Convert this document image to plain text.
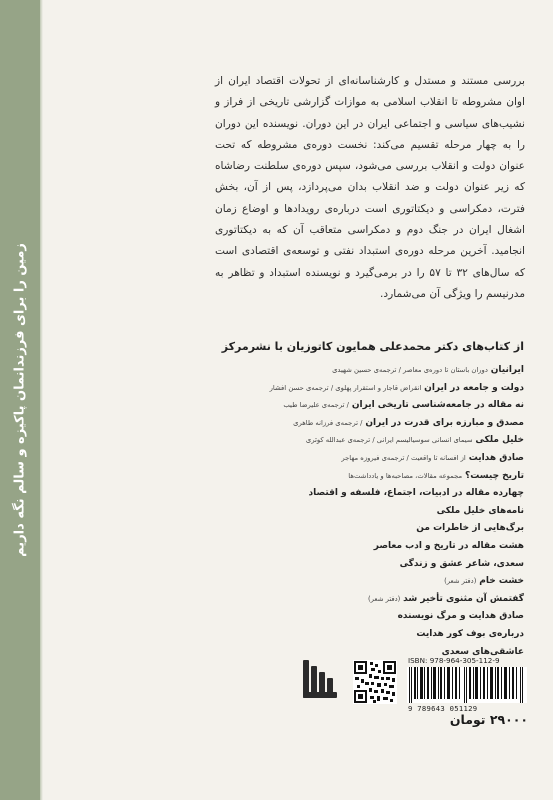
زمین را برای فرزندانمان پاکیزه و سالم نگه داریم
بررسی مستند و مستدل و کارشناسانه‌ای از تحولات اقتصاد ایران از اوان مشروطه تا انقلاب اسلامی به موازات گزارشی تاریخی از فراز و نشیب‌های سیاسی و اجتماعی ایران در این دوران. نویسنده این دوران را به چهار مرحله تقسیم می‌کند: نخست دوره‌ی مشروطه که تحت عنوان دولت و انقلاب بررسی می‌شود، سپس دوره‌ی سلطنت رضاشاه که زیر عنوان دولت و ضد انقلاب بدان می‌پردازد، پس از آن، بخش فترت، دمکراسی و دیکتاتوری است درباره‌ی رویدادها و اوضاع زمان اشغال ایران در جنگ دوم و دمکراسی متعاقب آن که به دیکتاتوری انجامید. آخرین مرحله دوره‌ی استبداد نفتی و توسعه‌ی اقتصادی است که سال‌های ۳۲ تا ۵۷ را در برمی‌گیرد و نویسنده استبداد و تظاهر به مدرنیسم را ویژگی آن می‌شمارد.
از کتاب‌های دکتر محمدعلی همایون کاتوزیان با نشرمرکز
ایرانیان دوران باستان تا دوره‌ی معاصر / ترجمه‌ی حسین شهیدی
دولت و جامعه در ایران انقراض قاجار و استقرار پهلوی / ترجمه‌ی حسن افشار
نه مقاله در جامعه‌شناسی تاریخی ایران / ترجمه‌ی علیرضا طیب
مصدق و مبارزه برای قدرت در ایران / ترجمه‌ی فرزانه طاهری
خلیل ملکی سیمای انسانی سوسیالیسم ایرانی / ترجمه‌ی عبدالله کوثری
صادق هدایت از افسانه تا واقعیت / ترجمه‌ی فیروزه مهاجر
تاریخ چیست؟ مجموعه مقالات، مصاحبه‌ها و یادداشت‌ها
چهارده مقاله در ادبیات، اجتماع، فلسفه و اقتصاد
نامه‌های خلیل ملکی
برگ‌هایی از خاطرات من
هشت مقاله در تاریخ و ادب معاصر
سعدی، شاعر عشق و زندگی
خشت خام (دفتر شعر)
گفتمش آن مثنوی تأخیر شد (دفتر شعر)
صادق هدایت و مرگ نویسنده
درباره‌ی بوف کور هدایت
عاشقی‌های سعدی
ISBN: 978-964-305-112-9
9 789643 051129
۲۹۰۰۰ تومان
